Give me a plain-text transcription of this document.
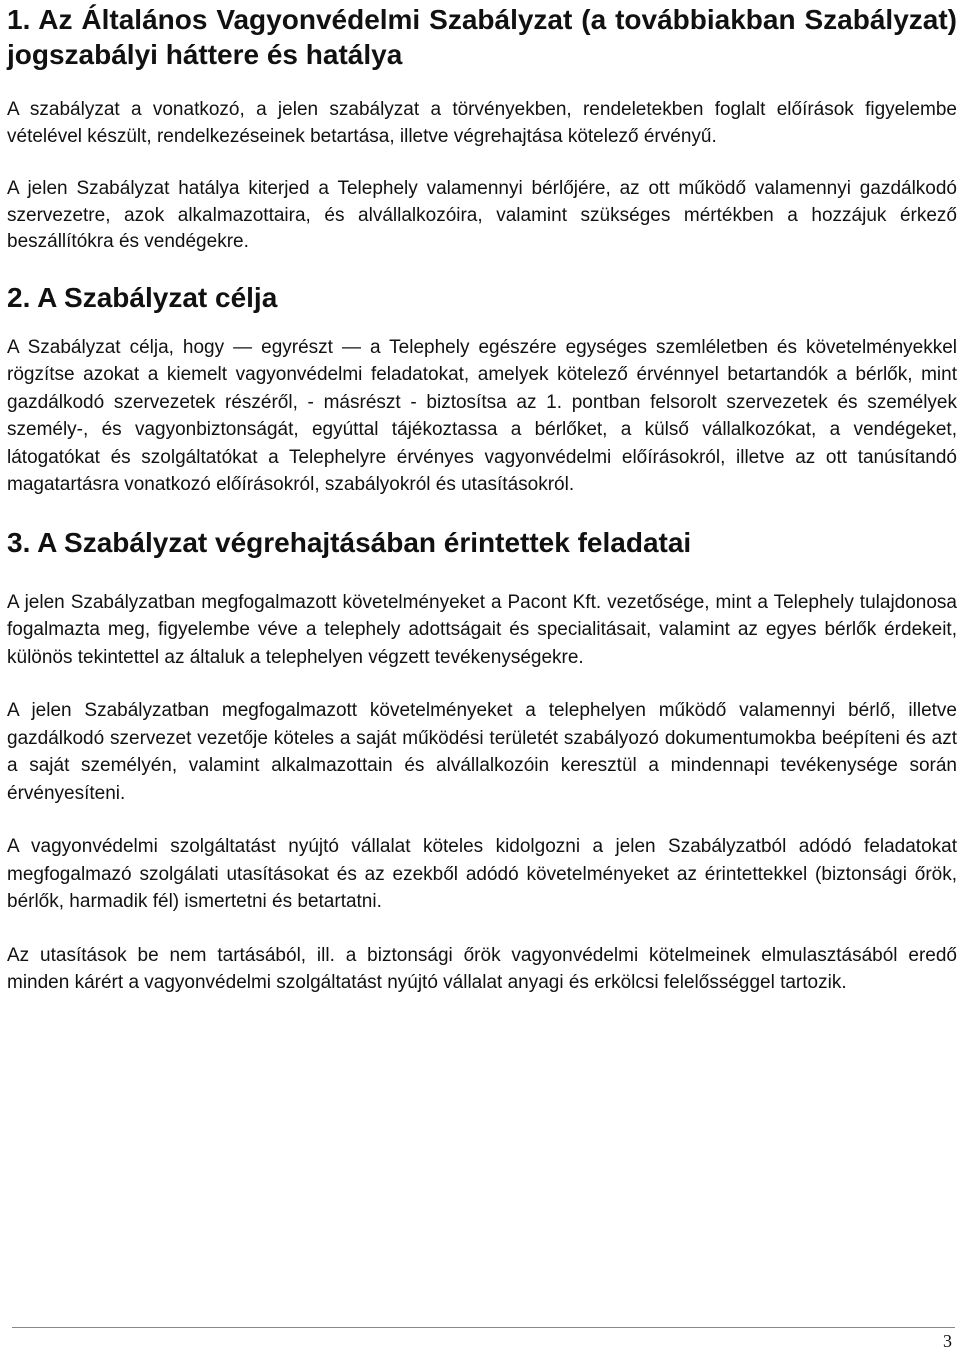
1. Az Általános Vagyonvédelmi Szabályzat (a továbbiakban Szabályzat) jogszabályi háttere és hatálya

A szabályzat a vonatkozó, a jelen szabályzat a törvényekben, rendeletekben foglalt előírások figyelembe vételével készült, rendelkezéseinek betartása, illetve végrehajtása kötelező érvényű.

A jelen Szabályzat hatálya kiterjed a Telephely valamennyi bérlőjére, az ott működő valamennyi gazdálkodó szervezetre, azok alkalmazottaira, és alvállalkozóira, valamint szükséges mértékben a hozzájuk érkező beszállítókra és vendégekre.

2. A Szabályzat célja

A Szabályzat célja, hogy — egyrészt — a Telephely egészére egységes szemléletben és követelményekkel rögzítse azokat a kiemelt vagyonvédelmi feladatokat, amelyek kötelező érvénnyel betartandók a bérlők, mint gazdálkodó szervezetek részéről, - másrészt - biztosítsa az 1. pontban felsorolt szervezetek és személyek személy-, és vagyonbiztonságát, egyúttal tájékoztassa a bérlőket, a külső vállalkozókat, a vendégeket, látogatókat és szolgáltatókat a Telephelyre érvényes vagyonvédelmi előírásokról, illetve az ott tanúsítandó magatartásra vonatkozó előírásokról, szabályokról és utasításokról.

3. A Szabályzat végrehajtásában érintettek feladatai

A jelen Szabályzatban megfogalmazott követelményeket a Pacont Kft. vezetősége, mint a Telephely tulajdonosa fogalmazta meg, figyelembe véve a telephely adottságait és specialitásait, valamint az egyes bérlők érdekeit, különös tekintettel az általuk a telephelyen végzett tevékenységekre.

A jelen Szabályzatban megfogalmazott követelményeket a telephelyen működő valamennyi bérlő, illetve gazdálkodó szervezet vezetője köteles a saját működési területét szabályozó dokumentumokba beépíteni és azt a saját személyén, valamint alkalmazottain és alvállalkozóin keresztül a mindennapi tevékenysége során érvényesíteni.

A vagyonvédelmi szolgáltatást nyújtó vállalat köteles kidolgozni a jelen Szabályzatból adódó feladatokat megfogalmazó szolgálati utasításokat és az ezekből adódó követelményeket az érintettekkel (biztonsági őrök, bérlők, harmadik fél) ismertetni és betartatni.

Az utasítások be nem tartásából, ill. a biztonsági őrök vagyonvédelmi kötelmeinek elmulasztásából eredő minden kárért a vagyonvédelmi szolgáltatást nyújtó vállalat anyagi és erkölcsi felelősséggel tartozik.

3
